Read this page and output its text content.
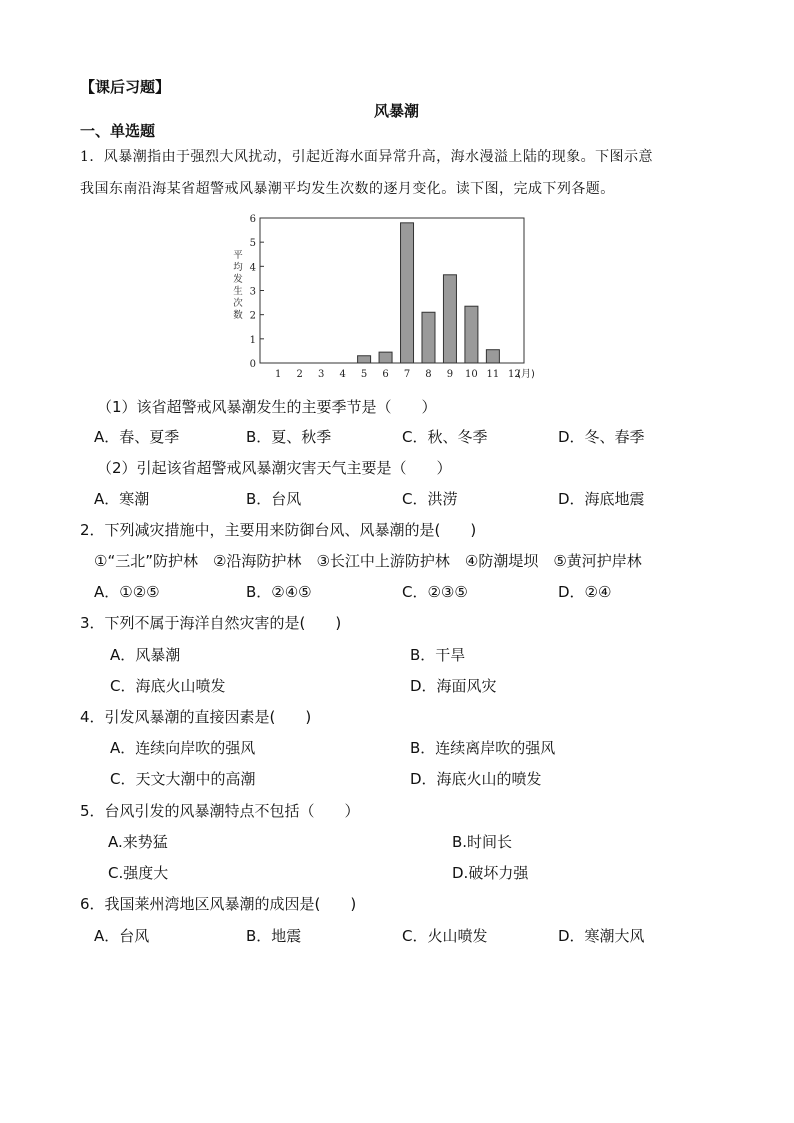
【课后习题】
风暴潮
一、单选题
1．风暴潮指由于强烈大风扰动，引起近海水面异常升高，海水漫溢上陆的现象。下图示意
我国东南沿海某省超警戒风暴潮平均发生次数的逐月变化。读下图，完成下列各题。
0
1
2
3
4
5
6
平均发生次数
1 2 3 4 5 6 7 8 9 10 11 12
(月)
（1）该省超警戒风暴潮发生的主要季节是（　　）
A．春、夏季	B．夏、秋季	C．秋、冬季	D．冬、春季
（2）引起该省超警戒风暴潮灾害天气主要是（　　）
A．寒潮	B．台风	C．洪涝	D．海底地震
2．下列减灾措施中，主要用来防御台风、风暴潮的是(　　)
①“三北”防护林　②沿海防护林　③长江中上游防护林　④防潮堤坝　⑤黄河护岸林
A．①②⑤	B．②④⑤	C．②③⑤	D．②④
3．下列不属于海洋自然灾害的是(　　)
A．风暴潮	B．干旱
C．海底火山喷发	D．海面风灾
4．引发风暴潮的直接因素是(　　)
A．连续向岸吹的强风	B．连续离岸吹的强风
C．天文大潮中的高潮	D．海底火山的喷发
5．台风引发的风暴潮特点不包括（　　）
A.来势猛	B.时间长
C.强度大	D.破坏力强
6．我国莱州湾地区风暴潮的成因是(　　)
A．台风	B．地震	C．火山喷发	D．寒潮大风
